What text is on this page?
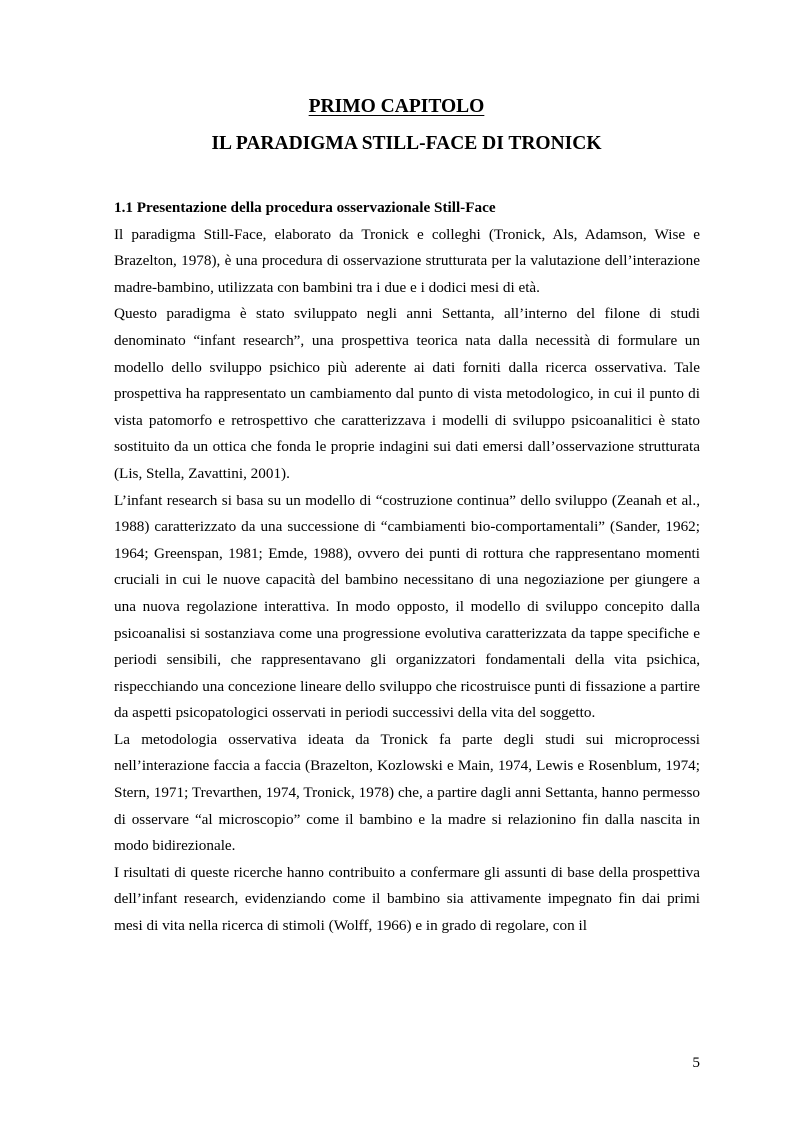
PRIMO CAPITOLO
IL PARADIGMA STILL-FACE DI TRONICK
1.1 Presentazione della procedura osservazionale Still-Face

Il paradigma Still-Face, elaborato da Tronick e colleghi (Tronick, Als, Adamson, Wise e Brazelton, 1978), è una procedura di osservazione strutturata per la valutazione dell’interazione madre-bambino, utilizzata con bambini tra i due e i dodici mesi di età.

Questo paradigma è stato sviluppato negli anni Settanta, all’interno del filone di studi denominato “infant research”, una prospettiva teorica nata dalla necessità di formulare un modello dello sviluppo psichico più aderente ai dati forniti dalla ricerca osservativa. Tale prospettiva ha rappresentato un cambiamento dal punto di vista metodologico, in cui il punto di vista patomorfo e retrospettivo che caratterizzava i modelli di sviluppo psicoanalitici è stato sostituito da un ottica che fonda le proprie indagini sui dati emersi dall’osservazione strutturata (Lis, Stella, Zavattini, 2001).

L’infant research si basa su un modello di “costruzione continua” dello sviluppo (Zeanah et al., 1988) caratterizzato da una successione di “cambiamenti bio-comportamentali” (Sander, 1962; 1964; Greenspan, 1981; Emde, 1988), ovvero dei punti di rottura che rappresentano momenti cruciali in cui le nuove capacità del bambino necessitano di una negoziazione per giungere a una nuova regolazione interattiva. In modo opposto, il modello di sviluppo concepito dalla psicoanalisi si sostanziava come una progressione evolutiva caratterizzata da tappe specifiche e periodi sensibili, che rappresentavano gli organizzatori fondamentali della vita psichica, rispecchiando una concezione lineare dello sviluppo che ricostruisce punti di fissazione a partire da aspetti psicopatologici osservati in periodi successivi della vita del soggetto.

La metodologia osservativa ideata da Tronick fa parte degli studi sui microprocessi nell’interazione faccia a faccia (Brazelton, Kozlowski e Main, 1974, Lewis e Rosenblum, 1974; Stern, 1971; Trevarthen, 1974, Tronick, 1978) che, a partire dagli anni Settanta, hanno permesso di osservare “al microscopio” come il bambino e la madre si relazionino fin dalla nascita in modo bidirezionale.

I risultati di queste ricerche hanno contribuito a confermare gli assunti di base della prospettiva dell’infant research, evidenziando come il bambino sia attivamente impegnato fin dai primi mesi di vita nella ricerca di stimoli (Wolff, 1966) e in grado di regolare, con il

5
